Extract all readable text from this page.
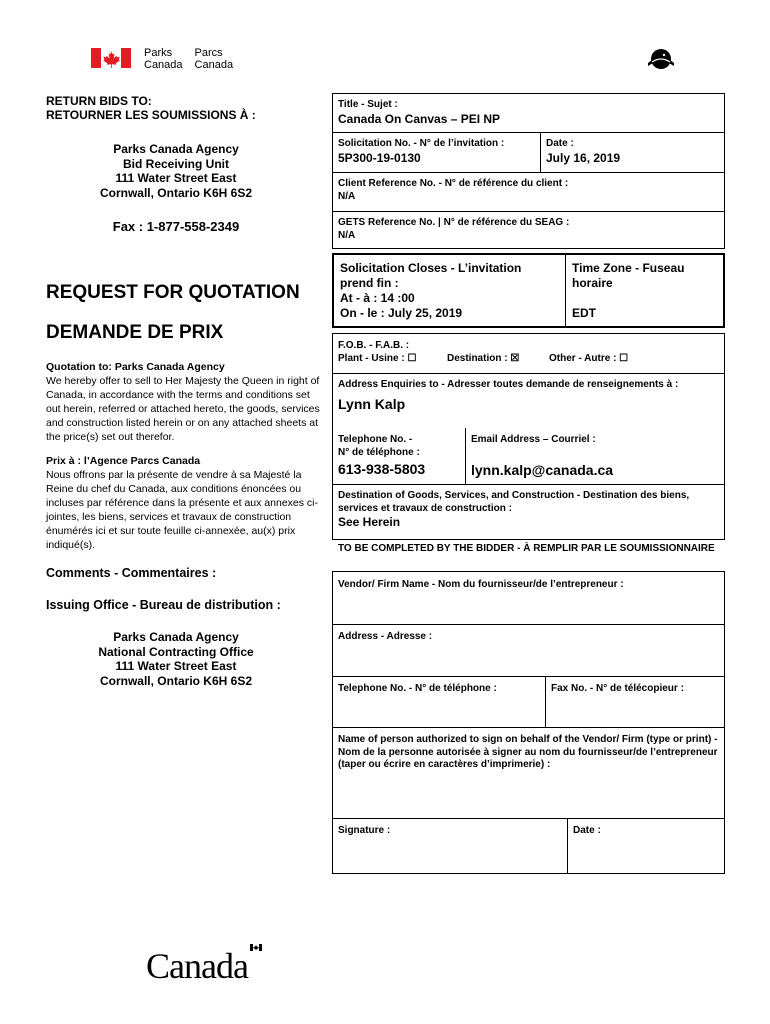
Parks
CanadaParcs
Canada
RETURN BIDS TO:
RETOURNER LES SOUMISSIONS À :
Parks Canada Agency
Bid Receiving Unit
111 Water Street East
Cornwall, Ontario K6H 6S2
Fax : 1-877-558-2349
REQUEST FOR QUOTATION
DEMANDE DE PRIX
Quotation to: Parks Canada Agency
We hereby offer to sell to Her Majesty the Queen in right of Canada, in accordance with the terms and conditions set out herein, referred or attached hereto, the goods, services and construction listed herein or on any attached sheets at the price(s) set out therefor.
Prix à : l’Agence Parcs Canada
Nous offrons par la présente de vendre à sa Majesté la Reine du chef du Canada, aux conditions énoncées ou incluses par référence dans la présente et aux annexes ci-jointes, les biens, services et travaux de construction énumérés ici et sur toute feuille ci-annexée, au(x) prix indiqué(s).
Comments - Commentaires :
Issuing Office - Bureau de distribution :
Parks Canada Agency
National Contracting Office
111 Water Street East
Cornwall, Ontario K6H 6S2
Title - Sujet :
Canada On Canvas – PEI NP
Solicitation No. - N° de l’invitation :
5P300-19-0130
Date :
July 16, 2019
Client Reference No. - N° de référence du client :
N/A
GETS Reference No. | N° de référence du SEAG :
N/A
Solicitation Closes - L’invitation
prend fin :
At - à : 14 :00
On - le : July 25, 2019
Time Zone - Fuseau
horaire
EDT
F.O.B. - F.A.B. :
Plant - Usine : ☐	Destination : ☒	Other - Autre : ☐
Address Enquiries to - Adresser toutes demande de renseignements à :
Lynn Kalp
Telephone No. -
N° de téléphone :
613-938-5803
Email Address – Courriel :
lynn.kalp@canada.ca
Destination of Goods, Services, and Construction - Destination des biens, services et travaux de construction :
See Herein
TO BE COMPLETED BY THE BIDDER - À REMPLIR PAR LE SOUMISSIONNAIRE
Vendor/ Firm Name - Nom du fournisseur/de l’entrepreneur :
Address - Adresse :
Telephone No. - N° de téléphone :	Fax No. - N° de télécopieur :
Name of person authorized to sign on behalf of the Vendor/ Firm (type or print) - Nom de la personne autorisée à signer au nom du fournisseur/de l’entrepreneur (taper ou écrire en caractères d’imprimerie) :
Signature :	Date :
Canada
